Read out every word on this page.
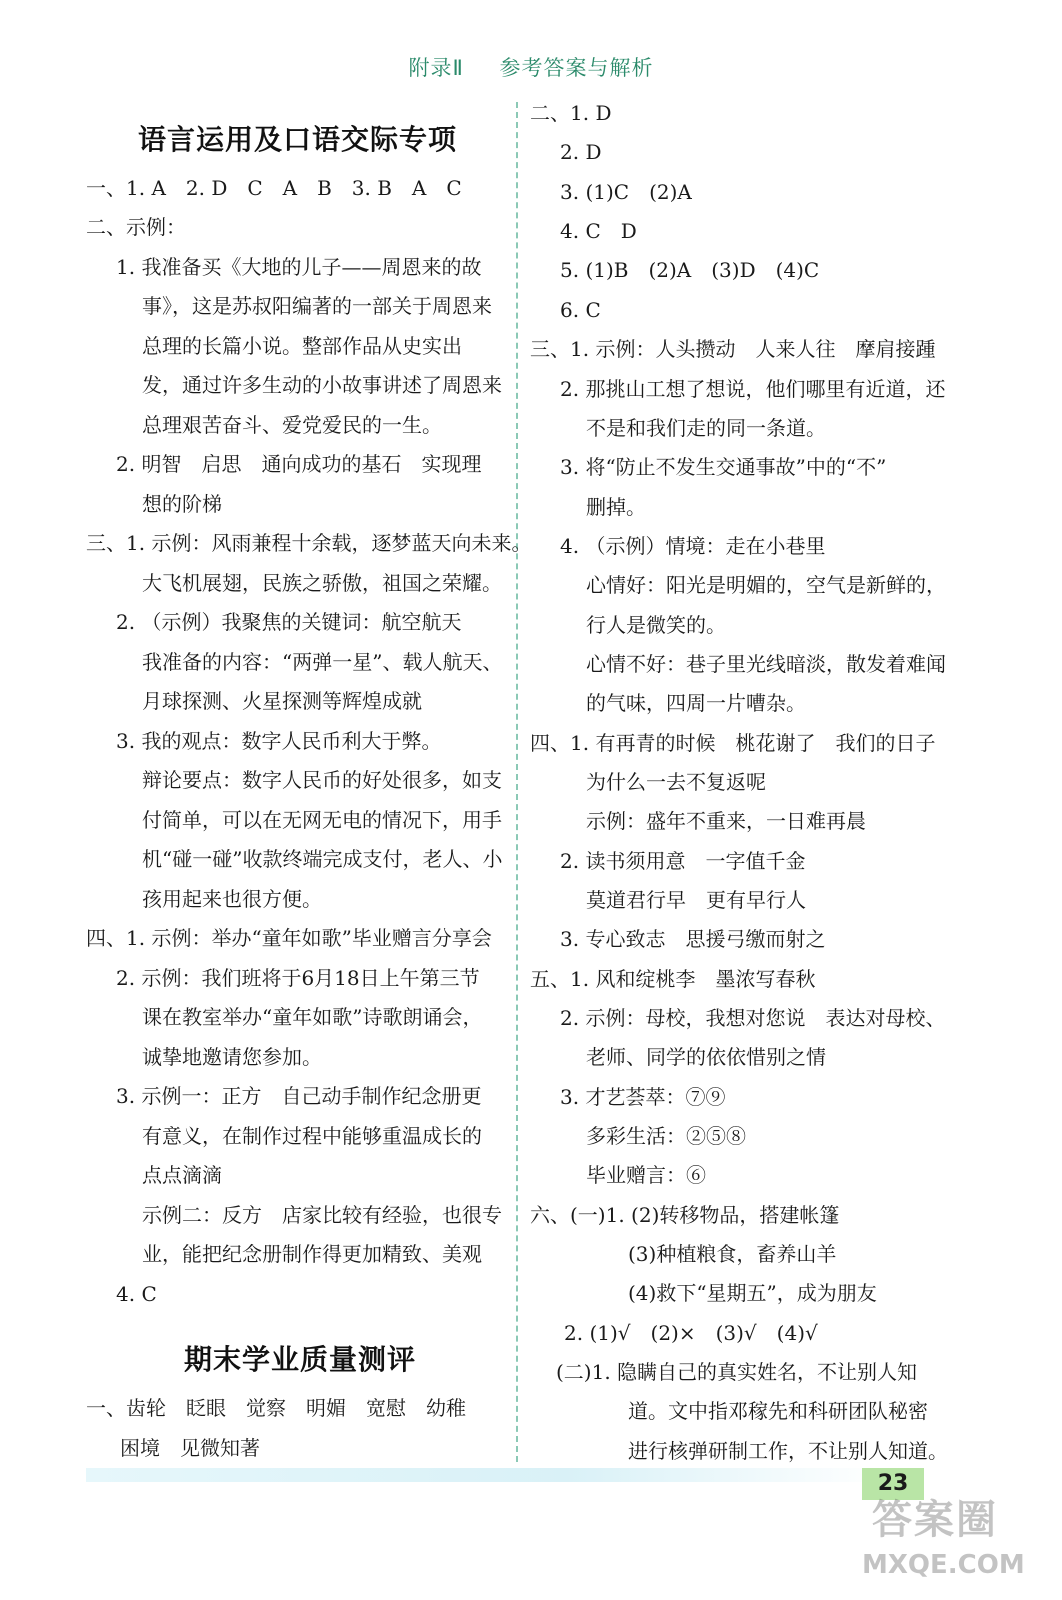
附录Ⅱ 参考答案与解析
语言运用及口语交际专项
一、1. A　2. D　C　A　B　3. B　A　C
二、示例：
1. 我准备买《大地的儿子——周恩来的故
事》，这是苏叔阳编著的一部关于周恩来
总理的长篇小说。整部作品从史实出
发，通过许多生动的小故事讲述了周恩来
总理艰苦奋斗、爱党爱民的一生。
2. 明智　启思　通向成功的基石　实现理
想的阶梯
三、1. 示例：风雨兼程十余载，逐梦蓝天向未来。
大飞机展翅，民族之骄傲，祖国之荣耀。
2. （示例）我聚焦的关键词：航空航天
我准备的内容：“两弹一星”、载人航天、
月球探测、火星探测等辉煌成就
3. 我的观点：数字人民币利大于弊。
辩论要点：数字人民币的好处很多，如支
付简单，可以在无网无电的情况下，用手
机“碰一碰”收款终端完成支付，老人、小
孩用起来也很方便。
四、1. 示例：举办“童年如歌”毕业赠言分享会
2. 示例：我们班将于6月18日上午第三节
课在教室举办“童年如歌”诗歌朗诵会，
诚挚地邀请您参加。
3. 示例一：正方　自己动手制作纪念册更
有意义，在制作过程中能够重温成长的
点点滴滴
示例二：反方　店家比较有经验，也很专
业，能把纪念册制作得更加精致、美观
4. C
期末学业质量测评
一、齿轮　眨眼　觉察　明媚　宽慰　幼稚
困境　见微知著
二、1. D
2. D
3. (1)C　(2)A
4. C　D
5. (1)B　(2)A　(3)D　(4)C
6. C
三、1. 示例：人头攒动　人来人往　摩肩接踵
2. 那挑山工想了想说，他们哪里有近道，还
不是和我们走的同一条道。
3. 将“防止不发生交通事故”中的“不”
删掉。
4. （示例）情境：走在小巷里
心情好：阳光是明媚的，空气是新鲜的，
行人是微笑的。
心情不好：巷子里光线暗淡，散发着难闻
的气味，四周一片嘈杂。
四、1. 有再青的时候　桃花谢了　我们的日子
为什么一去不复返呢
示例：盛年不重来，一日难再晨
2. 读书须用意　一字值千金
莫道君行早　更有早行人
3. 专心致志　思援弓缴而射之
五、1. 风和绽桃李　墨浓写春秋
2. 示例：母校，我想对您说　表达对母校、
老师、同学的依依惜别之情
3. 才艺荟萃：⑦⑨
多彩生活：②⑤⑧
毕业赠言：⑥
六、(一)1. (2)转移物品，搭建帐篷
(3)种植粮食，畜养山羊
(4)救下“星期五”，成为朋友
2. (1)√　(2)×　(3)√　(4)√
(二)1. 隐瞒自己的真实姓名，不让别人知
道。文中指邓稼先和科研团队秘密
进行核弹研制工作，不让别人知道。
23
答案圈
MXQE.COM
